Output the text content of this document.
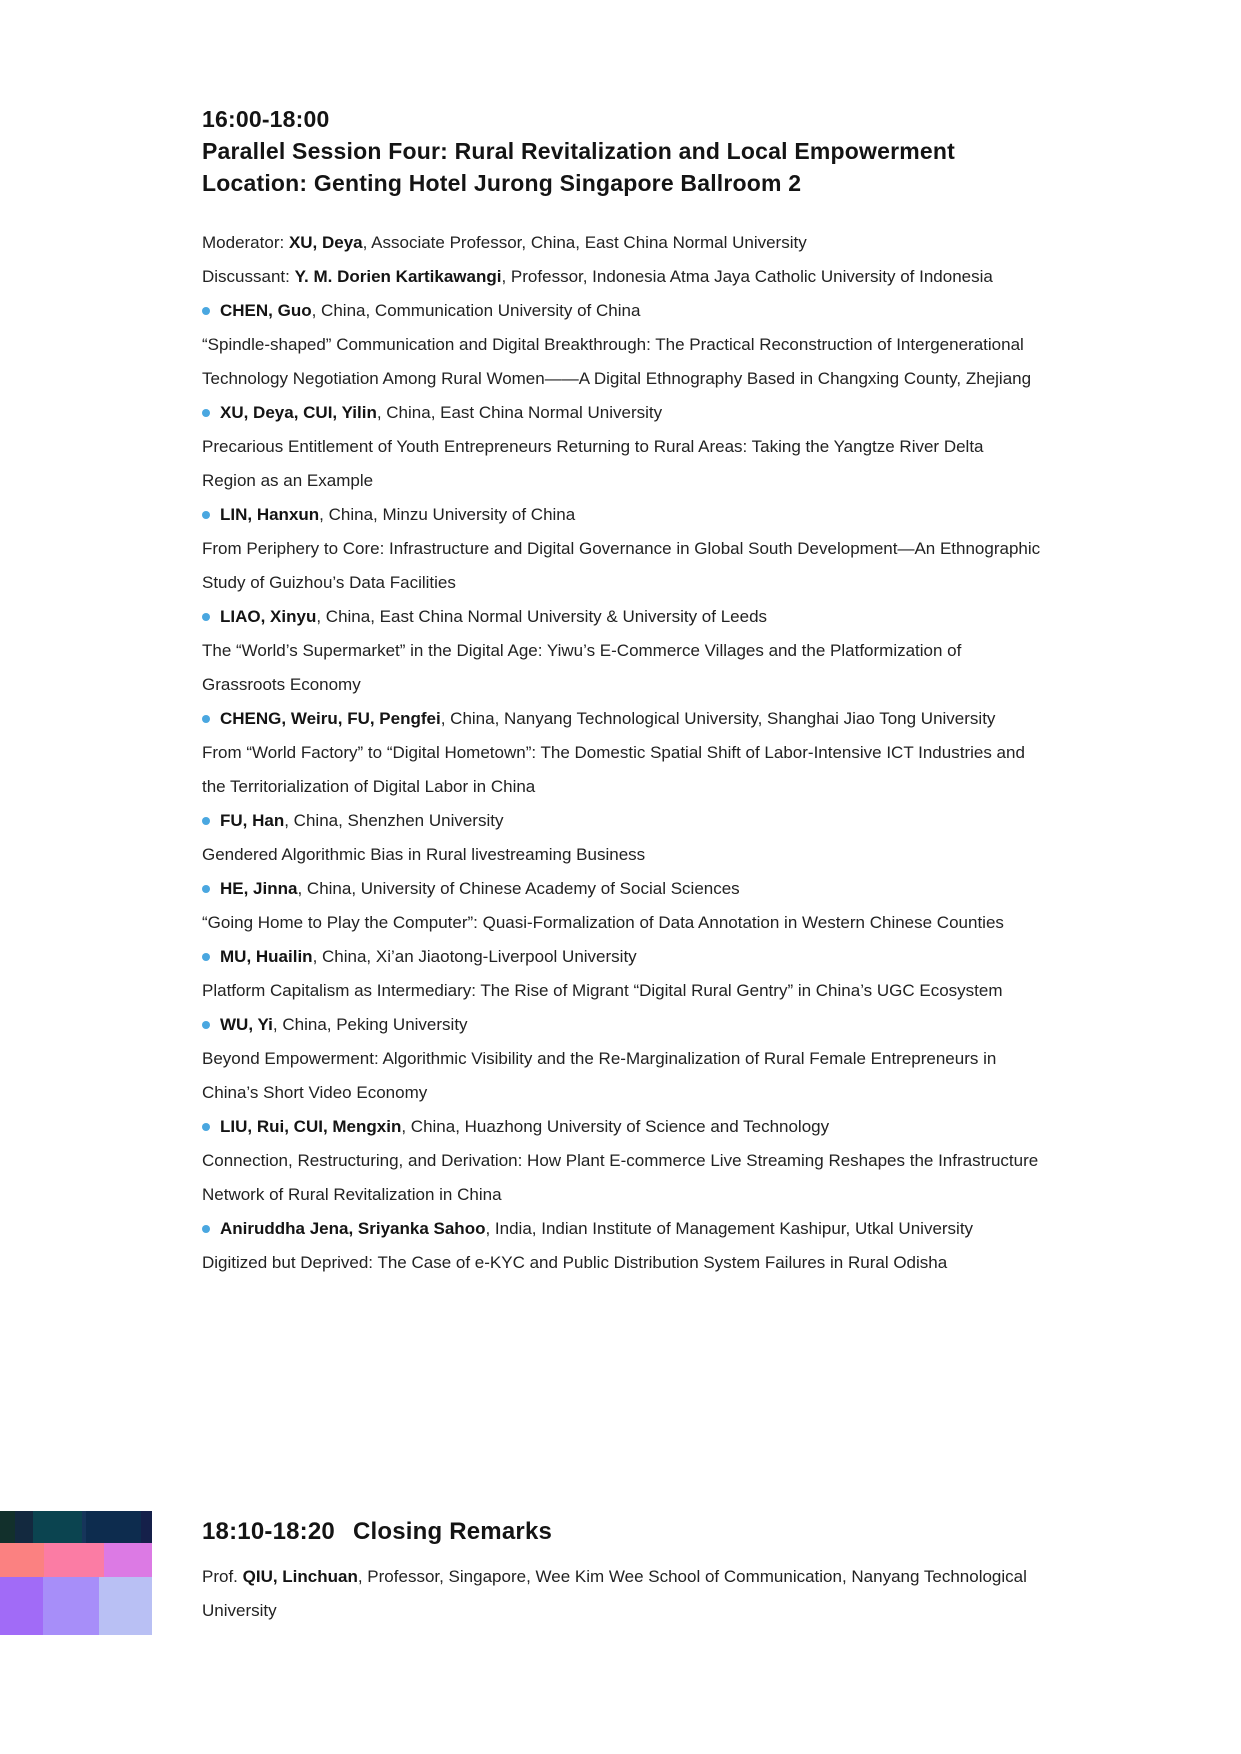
16:00-18:00
Parallel Session Four: Rural Revitalization and Local Empowerment
Location: Genting Hotel Jurong Singapore Ballroom 2

Moderator: XU, Deya, Associate Professor, China, East China Normal University

Discussant: Y. M. Dorien Kartikawangi, Professor, Indonesia Atma Jaya Catholic University of Indonesia

CHEN, Guo, China, Communication University of China

“Spindle-shaped” Communication and Digital Breakthrough: The Practical Reconstruction of Intergenerational Technology Negotiation Among Rural Women——A Digital Ethnography Based in Changxing County, Zhejiang

XU, Deya, CUI, Yilin, China, East China Normal University

Precarious Entitlement of Youth Entrepreneurs Returning to Rural Areas: Taking the Yangtze River Delta Region as an Example

LIN, Hanxun, China, Minzu University of China

From Periphery to Core: Infrastructure and Digital Governance in Global South Development—An Ethnographic Study of Guizhou’s Data Facilities

LIAO, Xinyu, China, East China Normal University & University of Leeds

The “World’s Supermarket” in the Digital Age: Yiwu’s E-Commerce Villages and the Platformization of Grassroots Economy

CHENG, Weiru, FU, Pengfei, China, Nanyang Technological University, Shanghai Jiao Tong University

From “World Factory” to “Digital Hometown”: The Domestic Spatial Shift of Labor-Intensive ICT Industries and the Territorialization of Digital Labor in China

FU, Han, China, Shenzhen University

Gendered Algorithmic Bias in Rural livestreaming Business

HE, Jinna, China, University of Chinese Academy of Social Sciences

“Going Home to Play the Computer”: Quasi-Formalization of Data Annotation in Western Chinese Counties

MU, Huailin, China, Xi’an Jiaotong-Liverpool University

Platform Capitalism as Intermediary: The Rise of Migrant “Digital Rural Gentry” in China’s UGC Ecosystem

WU, Yi, China, Peking University

Beyond Empowerment: Algorithmic Visibility and the Re-Marginalization of Rural Female Entrepreneurs in China’s Short Video Economy

LIU, Rui, CUI, Mengxin, China, Huazhong University of Science and Technology

Connection, Restructuring, and Derivation: How Plant E-commerce Live Streaming Reshapes the Infrastructure Network of Rural Revitalization in China

Aniruddha Jena, Sriyanka Sahoo, India, Indian Institute of Management Kashipur, Utkal University

Digitized but Deprived: The Case of e-KYC and Public Distribution System Failures in Rural Odisha

18:10-18:20 Closing Remarks

Prof. QIU, Linchuan, Professor, Singapore, Wee Kim Wee School of Communication, Nanyang Technological University
